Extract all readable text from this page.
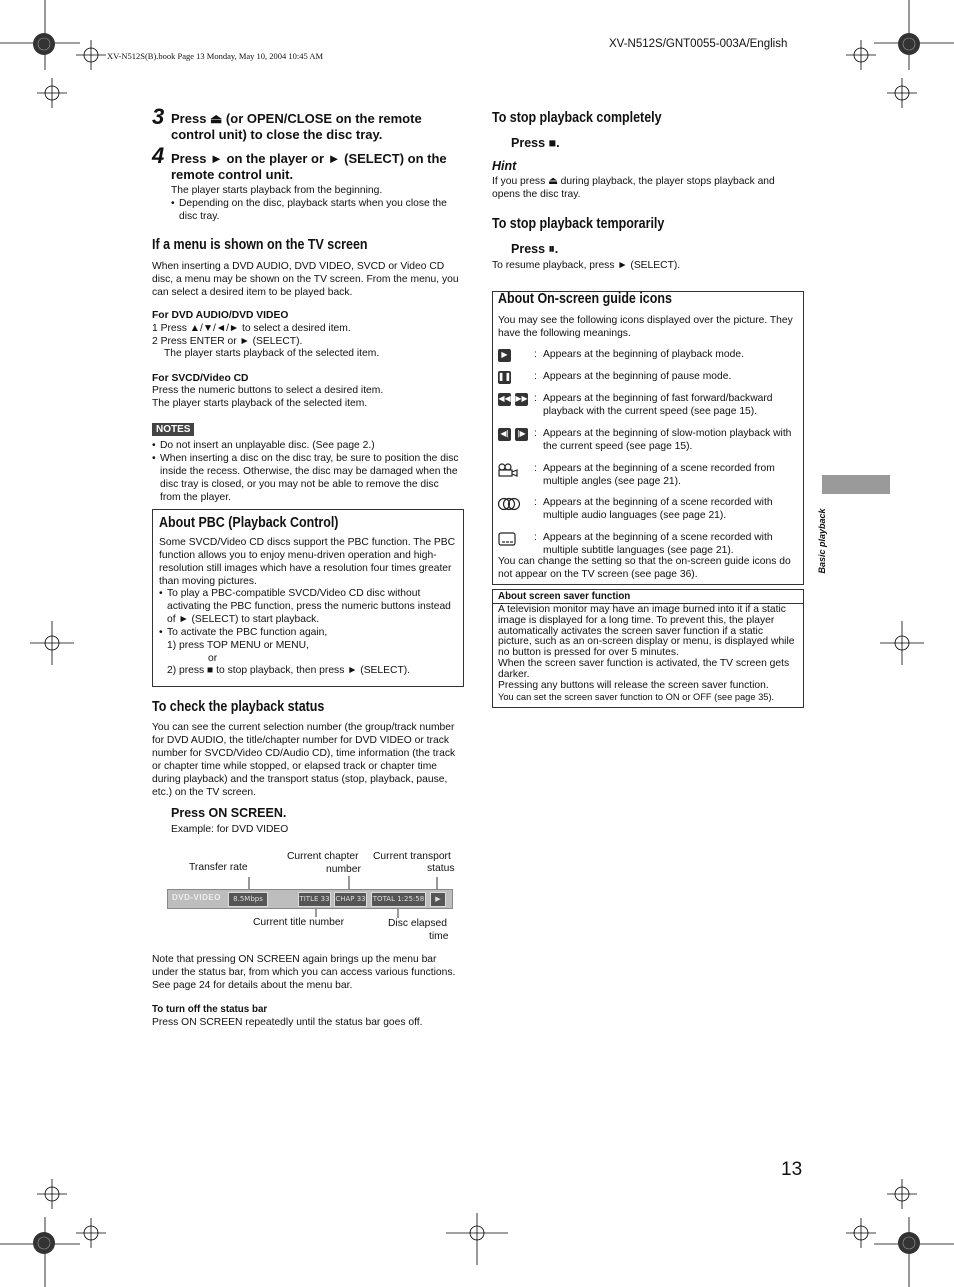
XV-N512S(B).book Page 13 Monday, May 10, 2004 10:45 AM
XV-N512S/GNT0055-003A/English
3 Press ⏏ (or OPEN/CLOSE on the remote control unit) to close the disc tray.
4 Press ► on the player or ► (SELECT) on the remote control unit.
The player starts playback from the beginning.
• Depending on the disc, playback starts when you close the disc tray.
If a menu is shown on the TV screen
When inserting a DVD AUDIO, DVD VIDEO, SVCD or Video CD disc, a menu may be shown on the TV screen. From the menu, you can select a desired item to be played back.
For DVD AUDIO/DVD VIDEO
1 Press ▲/▼/◄/► to select a desired item.
2 Press ENTER or ► (SELECT).
The player starts playback of the selected item.
For SVCD/Video CD
Press the numeric buttons to select a desired item.
The player starts playback of the selected item.
NOTES
• Do not insert an unplayable disc. (See page 2.)
• When inserting a disc on the disc tray, be sure to position the disc inside the recess. Otherwise, the disc may be damaged when the disc tray is closed, or you may not be able to remove the disc from the player.
About PBC (Playback Control)
Some SVCD/Video CD discs support the PBC function. The PBC function allows you to enjoy menu-driven operation and high-resolution still images which have a resolution four times greater than moving pictures.
• To play a PBC-compatible SVCD/Video CD disc without activating the PBC function, press the numeric buttons instead of ► (SELECT) to start playback.
• To activate the PBC function again,
1) press TOP MENU or MENU,
or
2) press ■ to stop playback, then press ► (SELECT).
To check the playback status
You can see the current selection number (the group/track number for DVD AUDIO, the title/chapter number for DVD VIDEO or track number for SVCD/Video CD/Audio CD), time information (the track or chapter time while stopped, or elapsed track or chapter time during playback) and the transport status (stop, playback, pause, etc.) on the TV screen.
Press ON SCREEN.
Example: for DVD VIDEO
Transfer rate
Current chapter
number
Current transport
status
DVD-VIDEO	8.5Mbps	TITLE 33 CHAP 33 TOTAL 1:25:58	▶
Current title number	Disc elapsed
time
Note that pressing ON SCREEN again brings up the menu bar under the status bar, from which you can access various functions. See page 24 for details about the menu bar.
To turn off the status bar
Press ON SCREEN repeatedly until the status bar goes off.
To stop playback completely
Press ■.
Hint
If you press ⏏ during playback, the player stops playback and opens the disc tray.
To stop playback temporarily
Press ⏸.
To resume playback, press ► (SELECT).
About On-screen guide icons
You may see the following icons displayed over the picture. They have the following meanings.
▶	: Appears at the beginning of playback mode.
❚❚ : Appears at the beginning of pause mode.
◀◀ ▶▶ : Appears at the beginning of fast forward/backward playback with the current speed (see page 15).
◀| |▶ : Appears at the beginning of slow-motion playback with the current speed (see page 15).
: Appears at the beginning of a scene recorded from multiple angles (see page 21).
: Appears at the beginning of a scene recorded with multiple audio languages (see page 21).
: Appears at the beginning of a scene recorded with multiple subtitle languages (see page 21).
You can change the setting so that the on-screen guide icons do not appear on the TV screen (see page 36).
About screen saver function
A television monitor may have an image burned into it if a static image is displayed for a long time. To prevent this, the player automatically activates the screen saver function if a static picture, such as an on-screen display or menu, is displayed while no button is pressed for over 5 minutes.
When the screen saver function is activated, the TV screen gets darker.
Pressing any buttons will release the screen saver function.
You can set the screen saver function to ON or OFF (see page 35).
Basic playback
13
